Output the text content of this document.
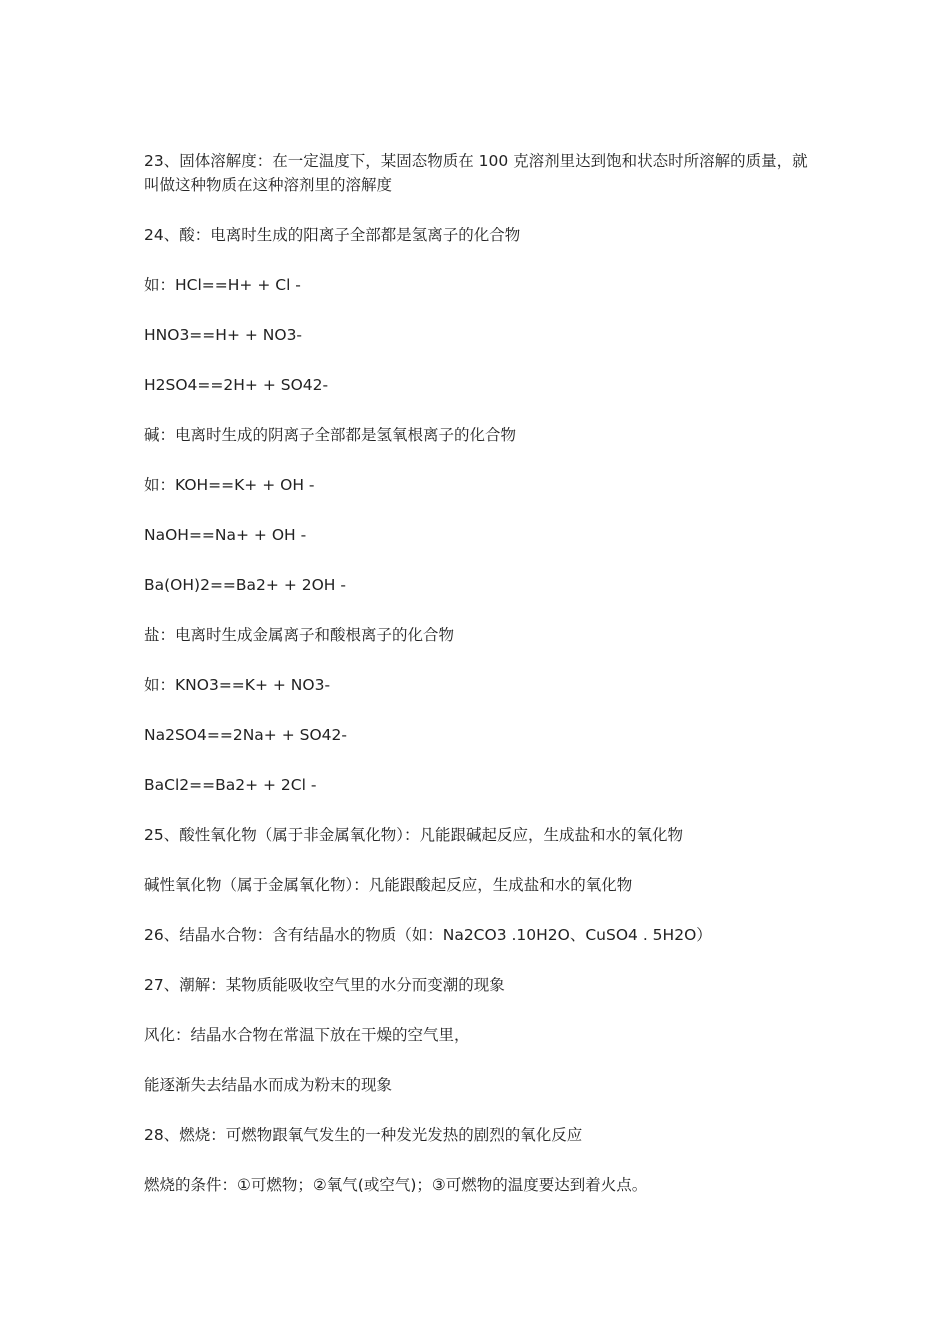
23、固体溶解度：在一定温度下，某固态物质在 100 克溶剂里达到饱和状态时所溶解的质量，就叫做这种物质在这种溶剂里的溶解度

24、酸：电离时生成的阳离子全部都是氢离子的化合物

如：HCl==H+ + Cl -

HNO3==H+ + NO3-

H2SO4==2H+ + SO42-

碱：电离时生成的阴离子全部都是氢氧根离子的化合物

如：KOH==K+ + OH -

NaOH==Na+ + OH -

Ba(OH)2==Ba2+ + 2OH -

盐：电离时生成金属离子和酸根离子的化合物

如：KNO3==K+ + NO3-

Na2SO4==2Na+ + SO42-

BaCl2==Ba2+ + 2Cl -

25、酸性氧化物（属于非金属氧化物）：凡能跟碱起反应，生成盐和水的氧化物

碱性氧化物（属于金属氧化物）：凡能跟酸起反应，生成盐和水的氧化物

26、结晶水合物：含有结晶水的物质（如：Na2CO3 .10H2O、CuSO4 . 5H2O）

27、潮解：某物质能吸收空气里的水分而变潮的现象

风化：结晶水合物在常温下放在干燥的空气里，

能逐渐失去结晶水而成为粉末的现象

28、燃烧：可燃物跟氧气发生的一种发光发热的剧烈的氧化反应

燃烧的条件：①可燃物；②氧气(或空气)；③可燃物的温度要达到着火点。
